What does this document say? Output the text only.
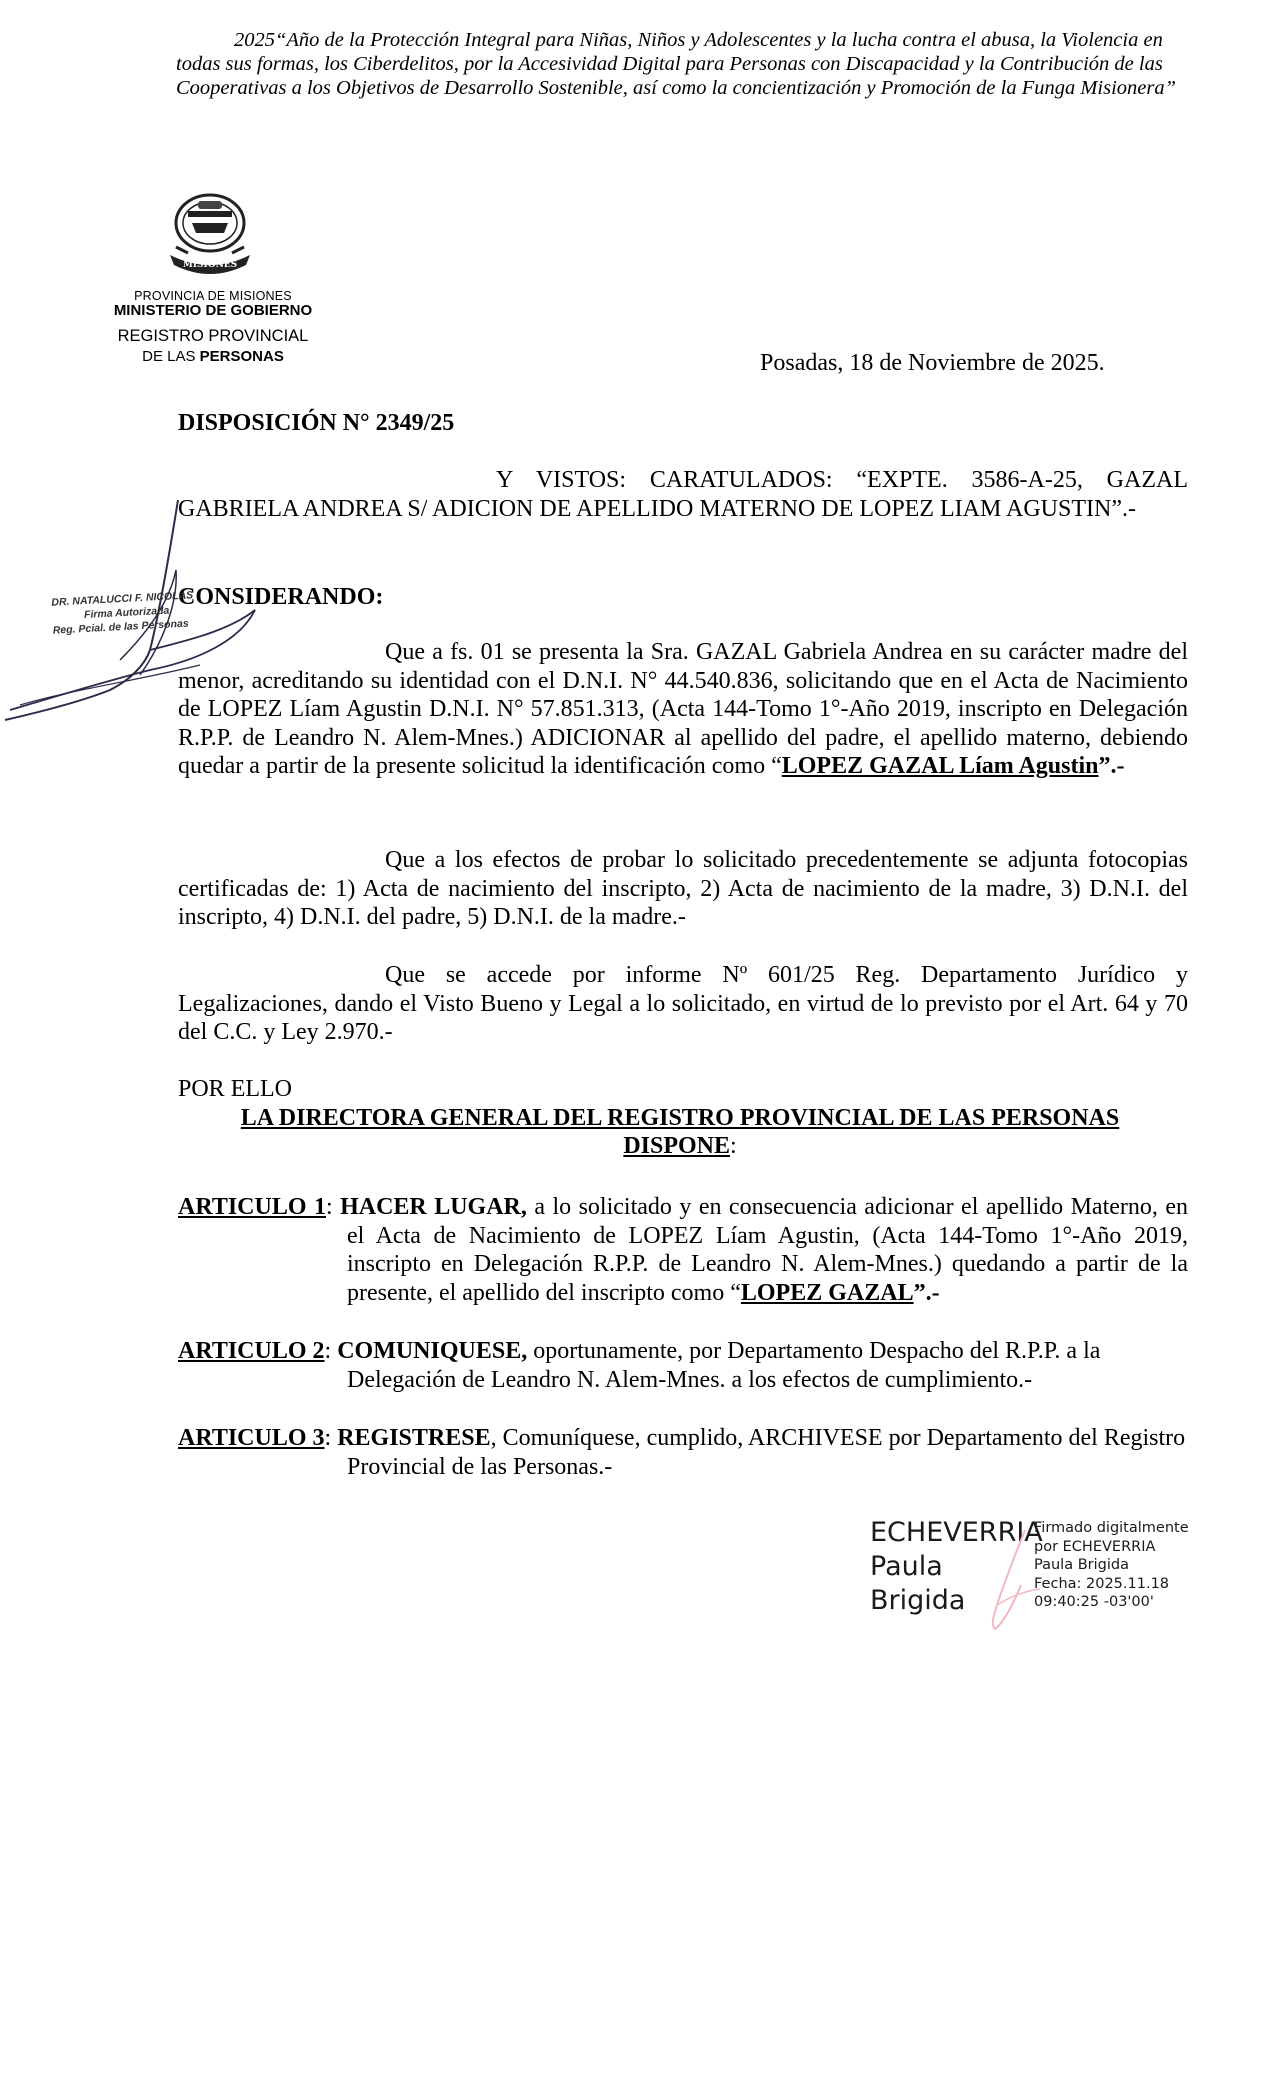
2025“Año de la Protección Integral para Niñas, Niños y Adolescentes y la lucha contra el abusa, la Violencia en todas sus formas, los Ciberdelitos, por la Accesividad Digital para Personas con Discapacidad y la Contribución de las Cooperativas a los Objetivos de Desarrollo Sostenible, así como la concientización y Promoción de la Funga Misionera”
MISIONES
PROVINCIA DE MISIONES
MINISTERIO DE GOBIERNO
REGISTRO PROVINCIAL
DE LAS PERSONAS	Posadas, 18 de Noviembre de 2025.
DISPOSICIÓN N° 2349/25

Y VISTOS: CARATULADOS: “EXPTE. 3586-A-25, GAZAL GABRIELA ANDREA S/ ADICION DE APELLIDO MATERNO DE LOPEZ LIAM AGUSTIN”.-

CONSIDERANDO:
DR. NATALUCCI F. NICOLAS
Firma Autorizada
Reg. Pcial. de las Personas

Que a fs. 01 se presenta la Sra. GAZAL Gabriela Andrea en su carácter madre del menor, acreditando su identidad con el D.N.I. N° 44.540.836, solicitando que en el Acta de Nacimiento de LOPEZ Líam Agustin D.N.I. N° 57.851.313, (Acta 144-Tomo 1°-Año 2019, inscripto en Delegación R.P.P. de Leandro N. Alem-Mnes.) ADICIONAR al apellido del padre, el apellido materno, debiendo quedar a partir de la presente solicitud la identificación como “LOPEZ GAZAL Líam Agustin”.-

Que a los efectos de probar lo solicitado precedentemente se adjunta fotocopias certificadas de: 1) Acta de nacimiento del inscripto, 2) Acta de nacimiento de la madre, 3) D.N.I. del inscripto, 4) D.N.I. del padre, 5) D.N.I. de la madre.-

Que se accede por informe Nº 601/25 Reg. Departamento Jurídico y Legalizaciones, dando el Visto Bueno y Legal a lo solicitado, en virtud de lo previsto por el Art. 64 y 70 del C.C. y Ley 2.970.-

POR ELLO
LA DIRECTORA GENERAL DEL REGISTRO PROVINCIAL DE LAS PERSONAS
DISPONE:
ARTICULO 1: HACER LUGAR, a lo solicitado y en consecuencia adicionar el apellido Materno, en el Acta de Nacimiento de LOPEZ Líam Agustin, (Acta 144-Tomo 1°-Año 2019, inscripto en Delegación R.P.P. de Leandro N. Alem-Mnes.) quedando a partir de la presente, el apellido del inscripto como “LOPEZ GAZAL”.-
ARTICULO 2: COMUNIQUESE, oportunamente, por Departamento Despacho del R.P.P. a la Delegación de Leandro N. Alem-Mnes. a los efectos de cumplimiento.-
ARTICULO 3: REGISTRESE, Comuníquese, cumplido, ARCHIVESE por Departamento del Registro Provincial de las Personas.-
ECHEVERRIA
Paula
Brigida
Firmado digitalmente
por ECHEVERRIA
Paula Brigida
Fecha: 2025.11.18
09:40:25 -03'00'
